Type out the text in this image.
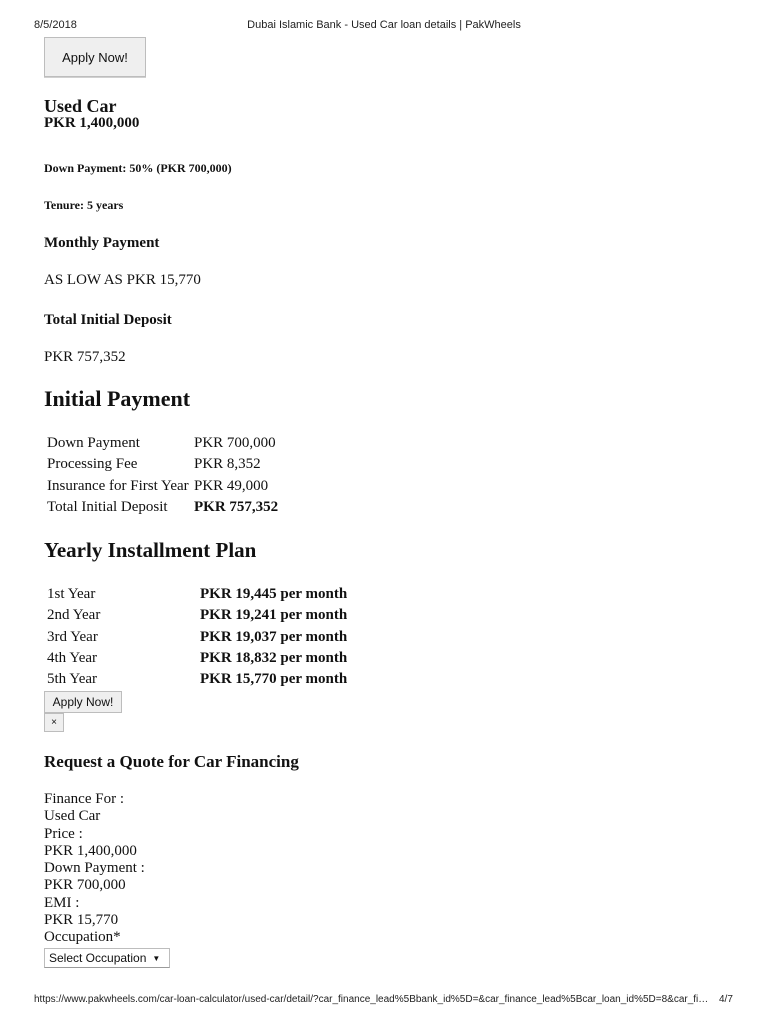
8/5/2018	Dubai Islamic Bank - Used Car loan details | PakWheels
Apply Now!
Used Car
PKR 1,400,000
Down Payment: 50% (PKR 700,000)
Tenure: 5 years
Monthly Payment
AS LOW AS PKR 15,770
Total Initial Deposit
PKR 757,352
Initial Payment
Down Payment	PKR 700,000
Processing Fee	PKR 8,352
Insurance for First Year	PKR 49,000
Total Initial Deposit	PKR 757,352
Yearly Installment Plan
1st Year	PKR 19,445 per month
2nd Year	PKR 19,241 per month
3rd Year	PKR 19,037 per month
4th Year	PKR 18,832 per month
5th Year	PKR 15,770 per month
Apply Now!
×
Request a Quote for Car Financing
Finance For :
Used Car
Price :
PKR 1,400,000
Down Payment :
PKR 700,000
EMI :
PKR 15,770
Occupation*
Select Occupation ▼
https://www.pakwheels.com/car-loan-calculator/used-car/detail/?car_finance_lead%5Bbank_id%5D=&car_finance_lead%5Bcar_loan_id%5D=8&car_fi…	4/7
